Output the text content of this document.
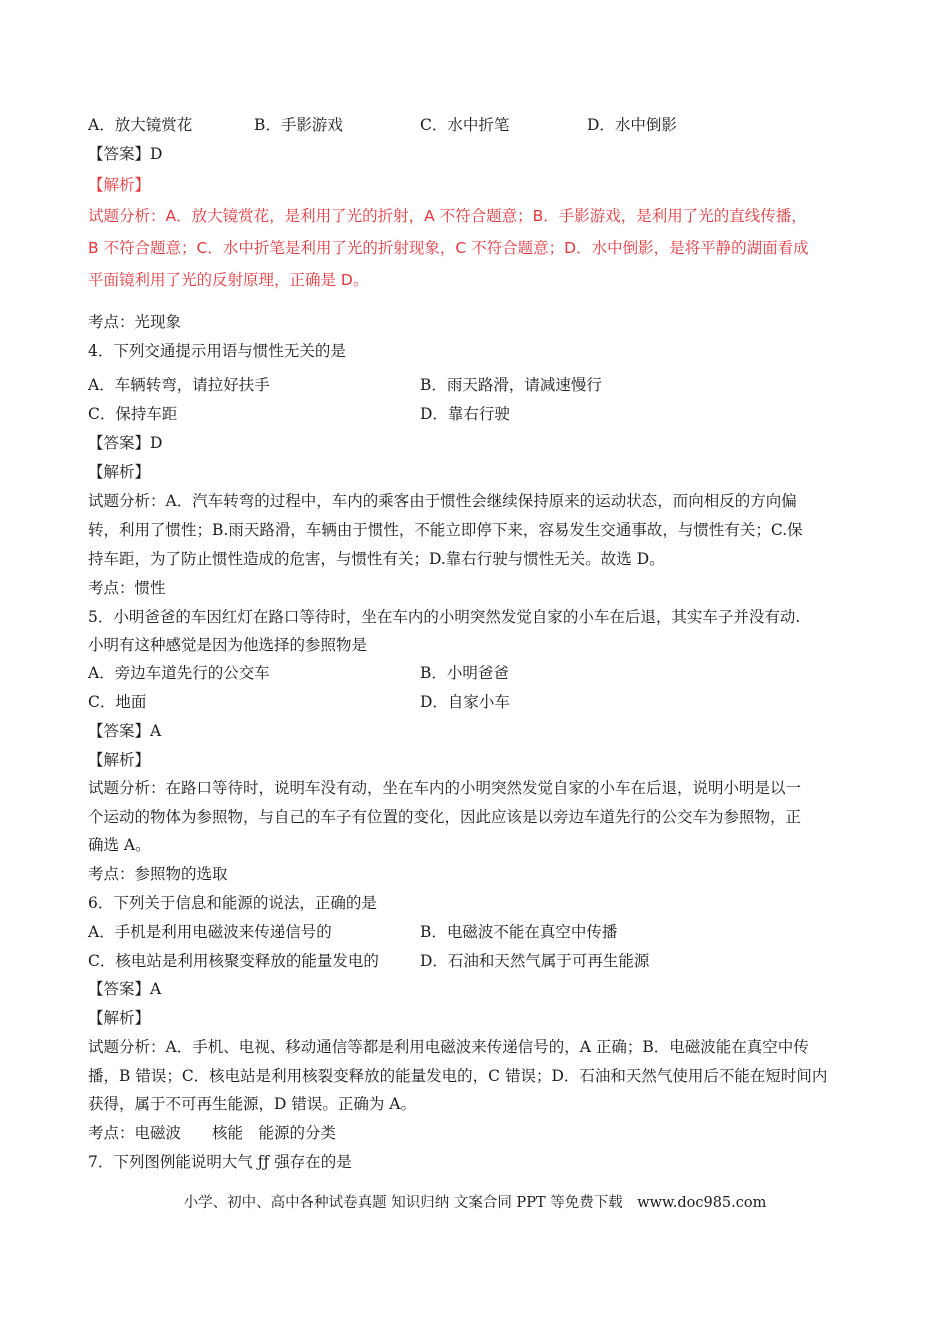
A．放大镜赏花	B．手影游戏	C．水中折笔	D．水中倒影
【答案】D
【解析】
试题分析：A．放大镜赏花，是利用了光的折射，A 不符合题意；B．手影游戏，是利用了光的直线传播，
B 不符合题意；C．水中折笔是利用了光的折射现象，C 不符合题意；D．水中倒影，是将平静的湖面看成
平面镜利用了光的反射原理，正确是 D。
考点：光现象
4．下列交通提示用语与惯性无关的是
A．车辆转弯，请拉好扶手	B．雨天路滑，请减速慢行
C．保持车距	D．靠右行驶
【答案】D
【解析】
试题分析：A．汽车转弯的过程中，车内的乘客由于惯性会继续保持原来的运动状态，而向相反的方向偏
转，利用了惯性；B.雨天路滑，车辆由于惯性，不能立即停下来，容易发生交通事故，与惯性有关；C.保
持车距，为了防止惯性造成的危害，与惯性有关；D.靠右行驶与惯性无关。故选 D。
考点：惯性
5．小明爸爸的车因红灯在路口等待时，坐在车内的小明突然发觉自家的小车在后退，其实车子并没有动.
小明有这种感觉是因为他选择的参照物是
A．旁边车道先行的公交车	B．小明爸爸
C．地面	D．自家小车
【答案】A
【解析】
试题分析：在路口等待时，说明车没有动，坐在车内的小明突然发觉自家的小车在后退，说明小明是以一
个运动的物体为参照物，与自己的车子有位置的变化，因此应该是以旁边车道先行的公交车为参照物，正
确选 A。
考点：参照物的选取
6．下列关于信息和能源的说法，正确的是
A．手机是利用电磁波来传递信号的	B．电磁波不能在真空中传播
C．核电站是利用核聚变释放的能量发电的	D．石油和天然气属于可再生能源
【答案】A
【解析】
试题分析：A．手机、电视、移动通信等都是利用电磁波来传递信号的，A 正确；B．电磁波能在真空中传
播，B 错误；C．核电站是利用核裂变释放的能量发电的，C 错误；D．石油和天然气使用后不能在短时间内
获得，属于不可再生能源，D 错误。正确为 A。
考点：电磁波　　核能　能源的分类
7．下列图例能说明大气 ƒƒ 强存在的是
小学、初中、高中各种试卷真题 知识归纳 文案合同 PPT 等免费下载　www.doc985.com
